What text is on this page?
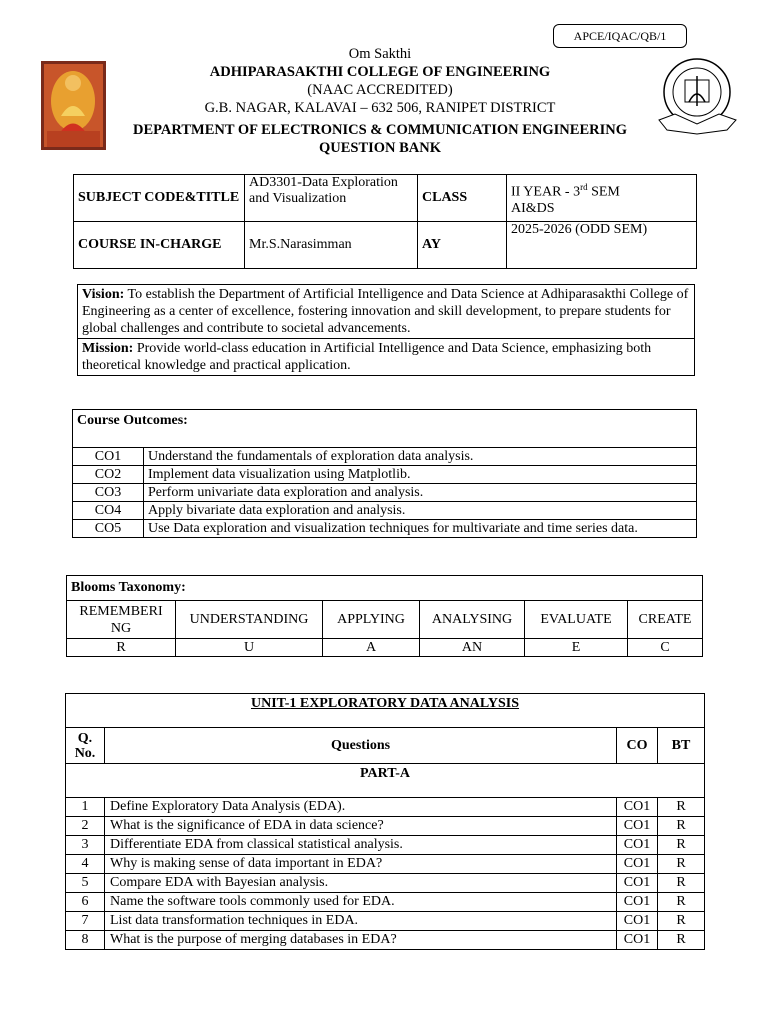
APCE/IQAC/QB/1
Om Sakthi
ADHIPARASAKTHI COLLEGE OF ENGINEERING
(NAAC ACCREDITED)
G.B. NAGAR, KALAVAI – 632 506, RANIPET DISTRICT
DEPARTMENT OF ELECTRONICS & COMMUNICATION ENGINEERING
QUESTION BANK
SUBJECT CODE&TITLE	AD3301-Data Exploration and Visualization	CLASS	II YEAR - 3rd SEM
AI&DS
COURSE IN-CHARGE	Mr.S.Narasimman	AY	2025-2026 (ODD SEM)
Vision: To establish the Department of Artificial Intelligence and Data Science at Adhiparasakthi College of Engineering as a center of excellence, fostering innovation and skill development, to prepare students for global challenges and contribute to societal advancements.
Mission: Provide world-class education in Artificial Intelligence and Data Science, emphasizing both theoretical knowledge and practical application.
Course Outcomes:	
CO1	Understand the fundamentals of exploration data analysis.
CO2	Implement data visualization using Matplotlib.
CO3	Perform univariate data exploration and analysis.
CO4	Apply bivariate data exploration and analysis.
CO5	Use Data exploration and visualization techniques for multivariate and time series data.
Blooms Taxonomy:					
REMEMBERI NG	UNDERSTANDING	APPLYING	ANALYSING	EVALUATE	CREATE
R	U	A	AN	E	C
UNIT-1 EXPLORATORY DATA ANALYSIS			
Q. No.	Questions	CO	BT
PART-A			
1	Define Exploratory Data Analysis (EDA).	CO1	R
2	What is the significance of EDA in data science?	CO1	R
3	Differentiate EDA from classical statistical analysis.	CO1	R
4	Why is making sense of data important in EDA?	CO1	R
5	Compare EDA with Bayesian analysis.	CO1	R
6	Name the software tools commonly used for EDA.	CO1	R
7	List data transformation techniques in EDA.	CO1	R
8	What is the purpose of merging databases in EDA?	CO1	R
